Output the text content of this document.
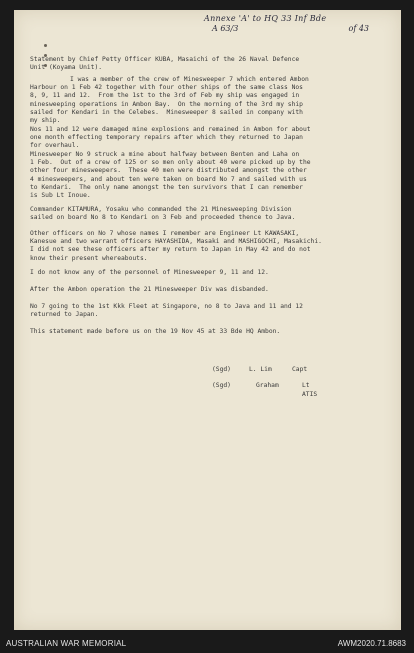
Annexe 'A' to HQ 33 Inf Bde
A 63/3	of 43
Statement by Chief Petty Officer KUBA, Masaichi of the 26 Naval Defence
Unit (Koyama Unit).
I was a member of the crew of Minesweeper 7 which entered Ambon
Harbour on 1 Feb 42 together with four other ships of the same class Nos
8, 9, 11 and 12.  From the 1st to the 3rd of Feb my ship was engaged in
minesweeping operations in Ambon Bay.  On the morning of the 3rd my ship
sailed for Kendari in the Celebes.  Minesweeper 8 sailed in company with
my ship.
Nos 11 and 12 were damaged mine explosions and remained in Ambon for about
one month effecting temporary repairs after which they returned to Japan
for overhaul.
Minesweeper No 9 struck a mine about halfway between Benten and Laha on
1 Feb.  Out of a crew of 125 or so men only about 40 were picked up by the
other four minesweepers.  These 40 men were distributed amongst the other
4 minesweepers, and about ten were taken on board No 7 and sailed with us
to Kendari.  The only name amongst the ten survivors that I can remember
is Sub Lt Inoue.
Commander KITAMURA, Yosaku who commanded the 21 Minesweeping Division
sailed on board No 8 to Kendari on 3 Feb and proceeded thence to Java.
Other officers on No 7 whose names I remember are Engineer Lt KAWASAKI,
Kanesue and two warrant officers HAYASHIDA, Masaki and MASHIGOCHI, Masakichi.
I did not see these officers after my return to Japan in May 42 and do not
know their present whereabouts.
I do not know any of the personnel of Minesweeper 9, 11 and 12.
After the Ambon operation the 21 Minesweeper Div was disbanded.
No 7 going to the 1st Kkk Fleet at Singapore, no 8 to Java and 11 and 12
returned to Japan.
This statement made before us on the 19 Nov 45 at 33 Bde HQ Ambon.
(Sgd)	L. Lim	Capt
(Sgd)	Graham	Lt
ATIS
AUSTRALIAN WAR MEMORIAL	AWM2020.71.8683
